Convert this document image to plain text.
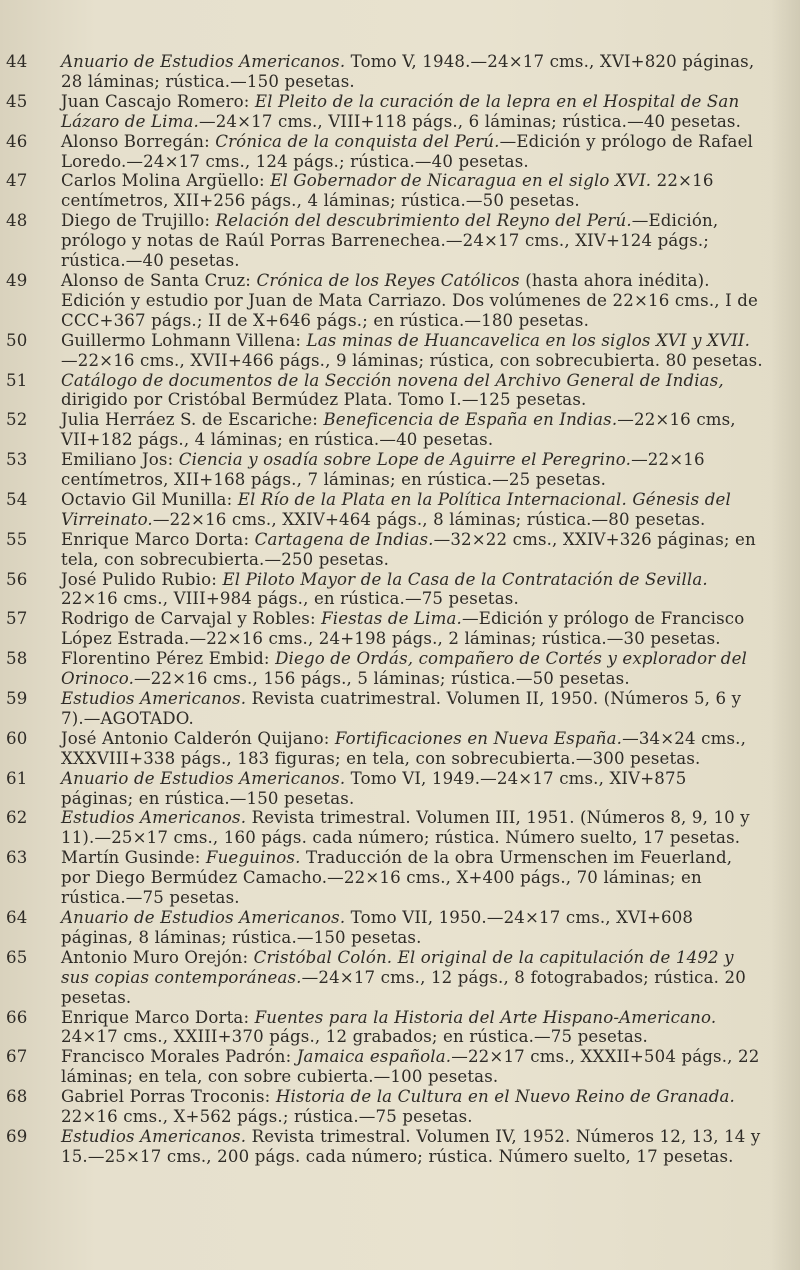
44	Anuario de Estudios Americanos. Tomo V, 1948.—24×17 cms., XVI+820 páginas, 28 láminas; rústica.—150 pesetas.

45	Juan Cascajo Romero: El Pleito de la curación de la lepra en el Hospital de San Lázaro de Lima.—24×17 cms., VIII+118 págs., 6 láminas; rústica.—40 pesetas.

46	Alonso Borregán: Crónica de la conquista del Perú.—Edición y prólogo de Rafael Loredo.—24×17 cms., 124 págs.; rústica.—40 pesetas.

47	Carlos Molina Argüello: El Gobernador de Nicaragua en el siglo XVI. 22×16 centímetros, XII+256 págs., 4 láminas; rústica.—50 pesetas.

48	Diego de Trujillo: Relación del descubrimiento del Reyno del Perú.—Edición, prólogo y notas de Raúl Porras Barrenechea.—24×17 cms., XIV+124 págs.; rústica.—40 pesetas.

49	Alonso de Santa Cruz: Crónica de los Reyes Católicos (hasta ahora inédita). Edición y estudio por Juan de Mata Carriazo. Dos volúmenes de 22×16 cms., I de CCC+367 págs.; II de X+646 págs.; en rústica.—180 pesetas.

50	Guillermo Lohmann Villena: Las minas de Huancavelica en los siglos XVI y XVII.—22×16 cms., XVII+466 págs., 9 láminas; rústica, con sobrecubierta. 80 pesetas.

51	Catálogo de documentos de la Sección novena del Archivo General de Indias, dirigido por Cristóbal Bermúdez Plata. Tomo I.—125 pesetas.

52	Julia Herráez S. de Escariche: Beneficencia de España en Indias.—22×16 cms, VII+182 págs., 4 láminas; en rústica.—40 pesetas.

53	Emiliano Jos: Ciencia y osadía sobre Lope de Aguirre el Peregrino.—22×16 centímetros, XII+168 págs., 7 láminas; en rústica.—25 pesetas.

54	Octavio Gil Munilla: El Río de la Plata en la Política Internacional. Génesis del Virreinato.—22×16 cms., XXIV+464 págs., 8 láminas; rústica.—80 pesetas.

55	Enrique Marco Dorta: Cartagena de Indias.—32×22 cms., XXIV+326 páginas; en tela, con sobrecubierta.—250 pesetas.

56	José Pulido Rubio: El Piloto Mayor de la Casa de la Contratación de Sevilla. 22×16 cms., VIII+984 págs., en rústica.—75 pesetas.

57	Rodrigo de Carvajal y Robles: Fiestas de Lima.—Edición y prólogo de Francisco López Estrada.—22×16 cms., 24+198 págs., 2 láminas; rústica.—30 pesetas.

58	Florentino Pérez Embid: Diego de Ordás, compañero de Cortés y explorador del Orinoco.—22×16 cms., 156 págs., 5 láminas; rústica.—50 pesetas.

59	Estudios Americanos. Revista cuatrimestral. Volumen II, 1950. (Números 5, 6 y 7).—AGOTADO.

60	José Antonio Calderón Quijano: Fortificaciones en Nueva España.—34×24 cms., XXXVIII+338 págs., 183 figuras; en tela, con sobrecubierta.—300 pesetas.

61	Anuario de Estudios Americanos. Tomo VI, 1949.—24×17 cms., XIV+875 páginas; en rústica.—150 pesetas.

62	Estudios Americanos. Revista trimestral. Volumen III, 1951. (Números 8, 9, 10 y 11).—25×17 cms., 160 págs. cada número; rústica. Número suelto, 17 pesetas.

63	Martín Gusinde: Fueguinos. Traducción de la obra Urmenschen im Feuerland, por Diego Bermúdez Camacho.—22×16 cms., X+400 págs., 70 láminas; en rústica.—75 pesetas.

64	Anuario de Estudios Americanos. Tomo VII, 1950.—24×17 cms., XVI+608 páginas, 8 láminas; rústica.—150 pesetas.

65	Antonio Muro Orejón: Cristóbal Colón. El original de la capitulación de 1492 y sus copias contemporáneas.—24×17 cms., 12 págs., 8 fotograbados; rústica. 20 pesetas.

66	Enrique Marco Dorta: Fuentes para la Historia del Arte Hispano-Americano. 24×17 cms., XXIII+370 págs., 12 grabados; en rústica.—75 pesetas.

67	Francisco Morales Padrón: Jamaica española.—22×17 cms., XXXII+504 págs., 22 láminas; en tela, con sobre cubierta.—100 pesetas.

68	Gabriel Porras Troconis: Historia de la Cultura en el Nuevo Reino de Granada. 22×16 cms., X+562 págs.; rústica.—75 pesetas.

69	Estudios Americanos. Revista trimestral. Volumen IV, 1952. Números 12, 13, 14 y 15.—25×17 cms., 200 págs. cada número; rústica. Número suelto, 17 pesetas.
